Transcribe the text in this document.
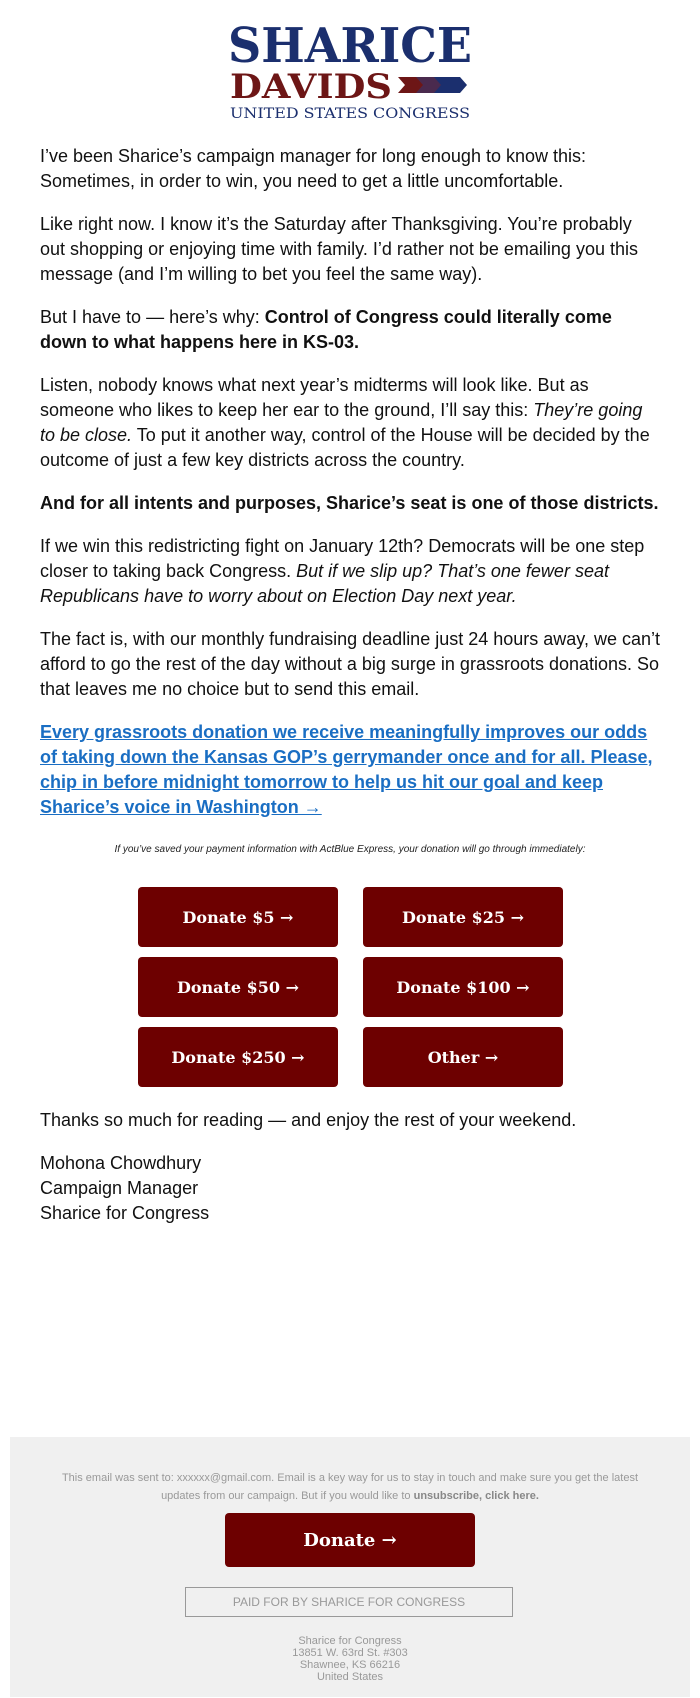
SHARICE
DAVIDS
UNITED STATES CONGRESS

I’ve been Sharice’s campaign manager for long enough to know this: Sometimes, in order to win, you need to get a little uncomfortable.

Like right now. I know it’s the Saturday after Thanksgiving. You’re probably out shopping or enjoying time with family. I’d rather not be emailing you this message (and I’m willing to bet you feel the same way).

But I have to — here’s why: Control of Congress could literally come down to what happens here in KS-03.

Listen, nobody knows what next year’s midterms will look like. But as someone who likes to keep her ear to the ground, I’ll say this: They’re going to be close. To put it another way, control of the House will be decided by the outcome of just a few key districts across the country.

And for all intents and purposes, Sharice’s seat is one of those districts.

If we win this redistricting fight on January 12th? Democrats will be one step closer to taking back Congress. But if we slip up? That’s one fewer seat Republicans have to worry about on Election Day next year.

The fact is, with our monthly fundraising deadline just 24 hours away, we can’t afford to go the rest of the day without a big surge in grassroots donations. So that leaves me no choice but to send this email.

Every grassroots donation we receive meaningfully improves our odds of taking down the Kansas GOP’s gerrymander once and for all. Please, chip in before midnight tomorrow to help us hit our goal and keep Sharice’s voice in Washington →

If you’ve saved your payment information with ActBlue Express, your donation will go through immediately:
Donate $5 →	Donate $25 →
Donate $50 →	Donate $100 →
Donate $250 →	Other →

Thanks so much for reading — and enjoy the rest of your weekend.

Mohona Chowdhury
Campaign Manager
Sharice for Congress

This email was sent to: xxxxxx@gmail.com. Email is a key way for us to stay in touch and make sure you get the latest updates from our campaign. But if you would like to unsubscribe, click here.
Donate →
PAID FOR BY SHARICE FOR CONGRESS
Sharice for Congress
13851 W. 63rd St. #303
Shawnee, KS 66216
United States
